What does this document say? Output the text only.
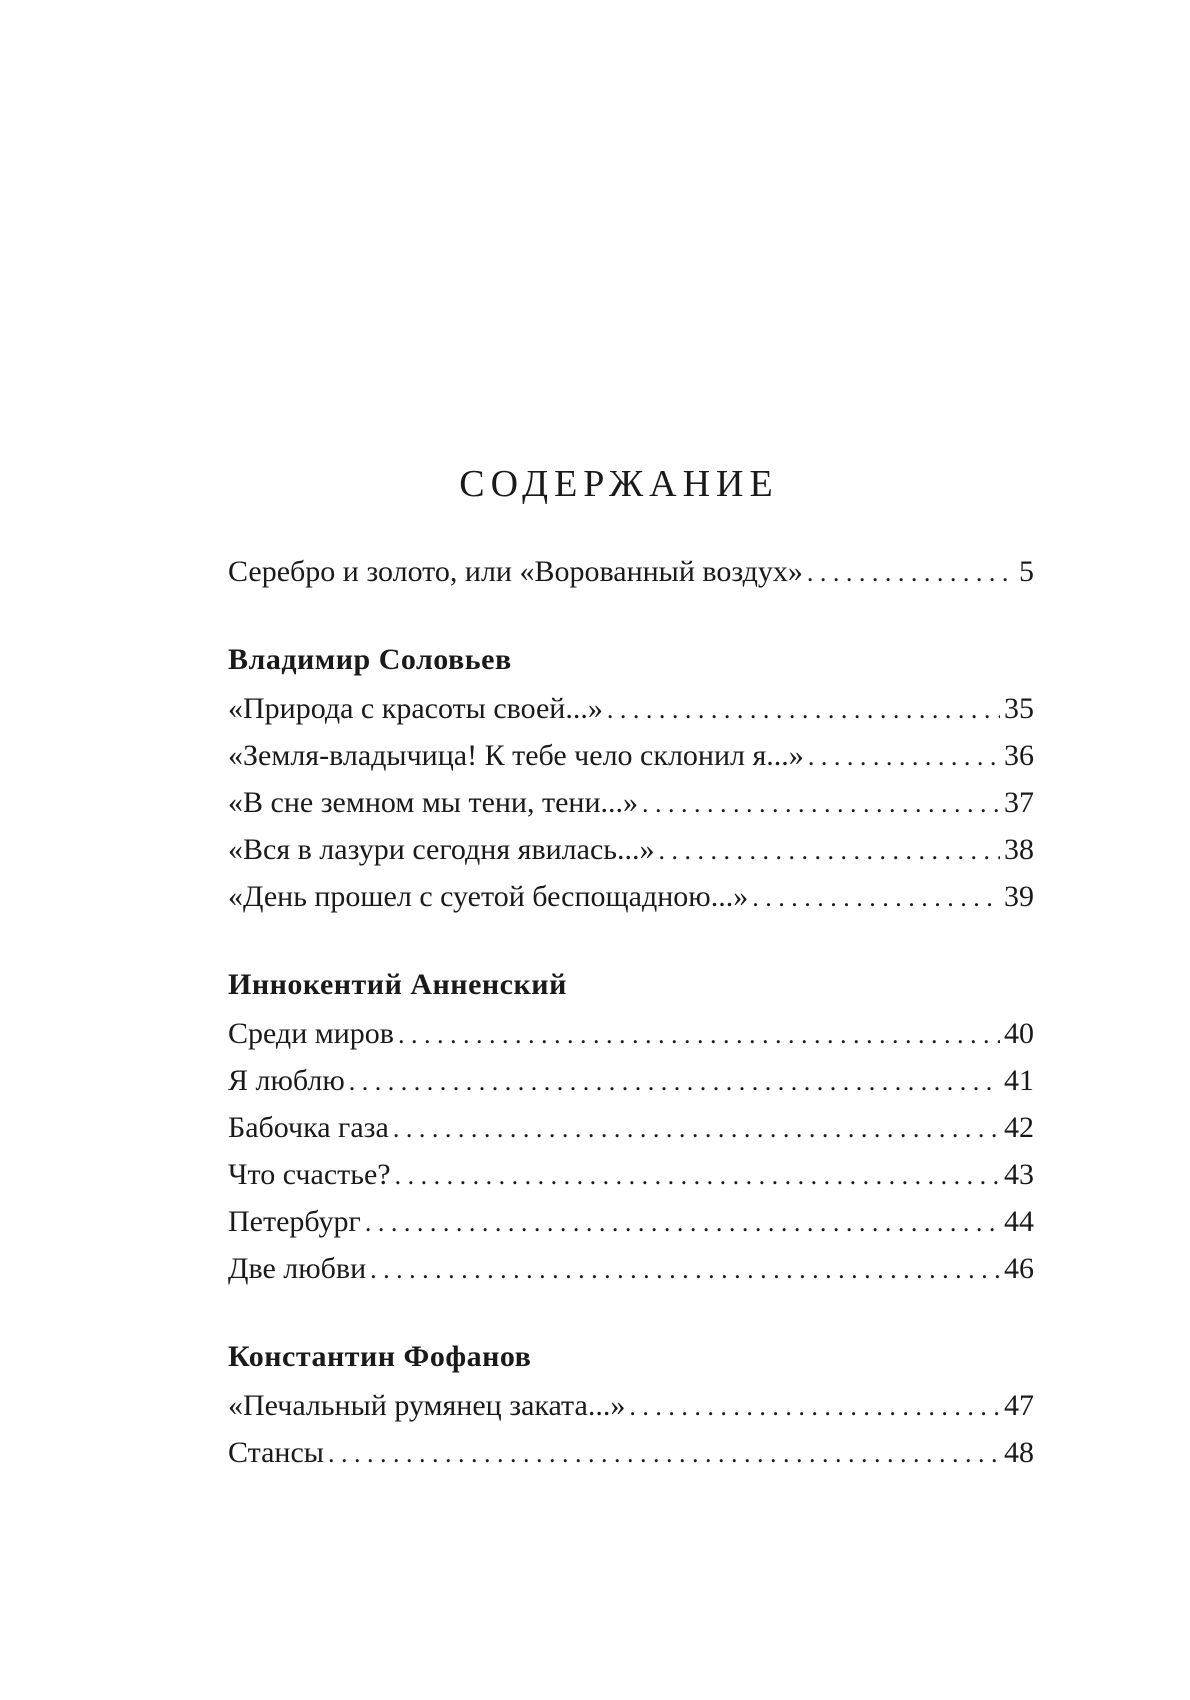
СОДЕРЖАНИЕ
Серебро и золото, или «Ворованный воздух» . . .	5

Владимир Соловьев

«Природа с красоты своей...» . . .	35
«Земля-владычица! К тебе чело склонил я...» . . .	36
«В сне земном мы тени, тени...» . . .	37
«Вся в лазури сегодня явилась...» . . .	38
«День прошел с суетой беспощадною...» . . .	39

Иннокентий Анненский

Среди миров . . .	40
Я люблю . . .	41
Бабочка газа . . .	42
Что счастье? . . .	43
Петербург . . .	44
Две любви . . .	46

Константин Фофанов

«Печальный румянец заката...» . . .	47
Стансы . . .	48
